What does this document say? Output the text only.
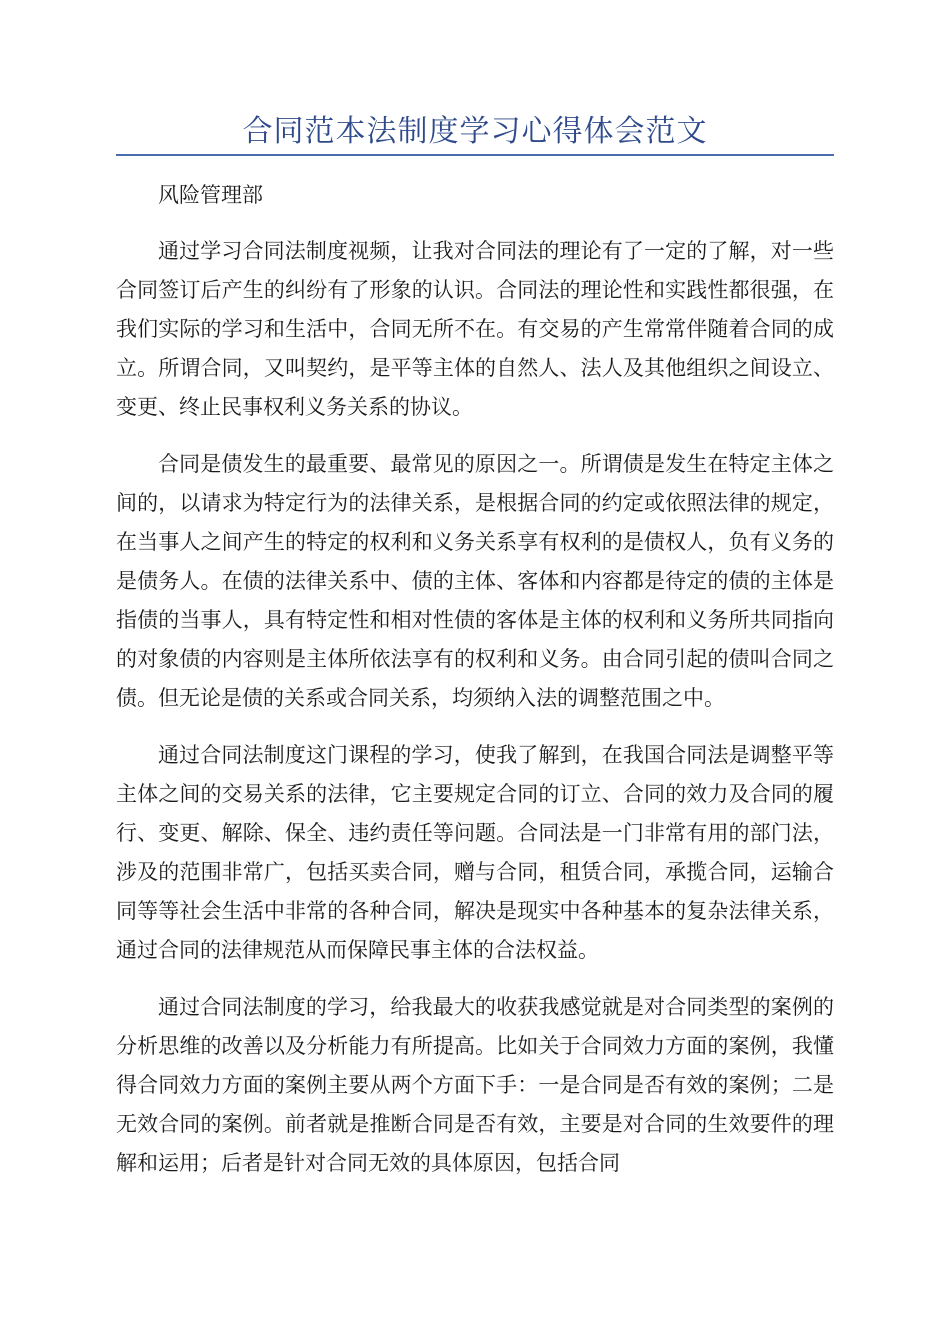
合同范本法制度学习心得体会范文

风险管理部

通过学习合同法制度视频，让我对合同法的理论有了一定的了解，对一些合同签订后产生的纠纷有了形象的认识。合同法的理论性和实践性都很强，在我们实际的学习和生活中，合同无所不在。有交易的产生常常伴随着合同的成立。所谓合同，又叫契约，是平等主体的自然人、法人及其他组织之间设立、变更、终止民事权利义务关系的协议。

合同是债发生的最重要、最常见的原因之一。所谓债是发生在特定主体之间的，以请求为特定行为的法律关系，是根据合同的约定或依照法律的规定，在当事人之间产生的特定的权利和义务关系享有权利的是债权人，负有义务的是债务人。在债的法律关系中、债的主体、客体和内容都是待定的债的主体是指债的当事人，具有特定性和相对性债的客体是主体的权利和义务所共同指向的对象债的内容则是主体所依法享有的权利和义务。由合同引起的债叫合同之债。但无论是债的关系或合同关系，均须纳入法的调整范围之中。

通过合同法制度这门课程的学习，使我了解到，在我国合同法是调整平等主体之间的交易关系的法律，它主要规定合同的订立、合同的效力及合同的履行、变更、解除、保全、违约责任等问题。合同法是一门非常有用的部门法，涉及的范围非常广，包括买卖合同，赠与合同，租赁合同，承揽合同，运输合同等等社会生活中非常的各种合同，解决是现实中各种基本的复杂法律关系，通过合同的法律规范从而保障民事主体的合法权益。

通过合同法制度的学习，给我最大的收获我感觉就是对合同类型的案例的分析思维的改善以及分析能力有所提高。比如关于合同效力方面的案例，我懂得合同效力方面的案例主要从两个方面下手：一是合同是否有效的案例；二是无效合同的案例。前者就是推断合同是否有效，主要是对合同的生效要件的理解和运用；后者是针对合同无效的具体原因，包括合同
